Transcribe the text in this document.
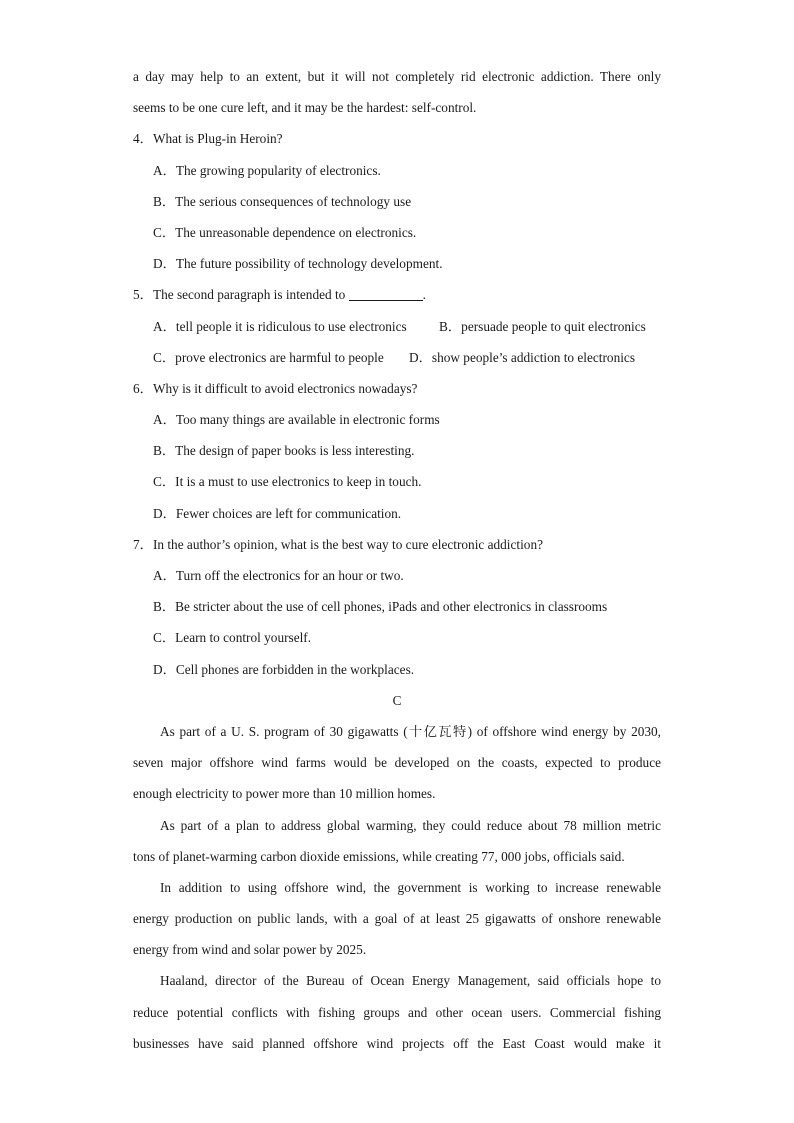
a day may help to an extent, but it will not completely rid electronic addiction. There only
seems to be one cure left, and it may be the hardest: self-control.
4．What is Plug-in Heroin?
A．The growing popularity of electronics.
B．The serious consequences of technology use
C．The unreasonable dependence on electronics.
D．The future possibility of technology development.
5．The second paragraph is intended to	.
A．tell people it is ridiculous to use electronics	B．persuade people to quit electronics
C．prove electronics are harmful to people	D．show people’s addiction to electronics
6．Why is it difficult to avoid electronics nowadays?
A．Too many things are available in electronic forms
B．The design of paper books is less interesting.
C．It is a must to use electronics to keep in touch.
D．Fewer choices are left for communication.
7．In the author’s opinion, what is the best way to cure electronic addiction?
A．Turn off the electronics for an hour or two.
B．Be stricter about the use of cell phones, iPads and other electronics in classrooms
C．Learn to control yourself.
D．Cell phones are forbidden in the workplaces.
C
As part of a U. S. program of 30 gigawatts (十亿瓦特) of offshore wind energy by 2030,
seven major offshore wind farms would be developed on the coasts, expected to produce
enough electricity to power more than 10 million homes.
As part of a plan to address global warming, they could reduce about 78 million metric
tons of planet-warming carbon dioxide emissions, while creating 77, 000 jobs, officials said.
In addition to using offshore wind, the government is working to increase renewable
energy production on public lands, with a goal of at least 25 gigawatts of onshore renewable
energy from wind and solar power by 2025.
Haaland, director of the Bureau of Ocean Energy Management, said officials hope to
reduce potential conflicts with fishing groups and other ocean users. Commercial fishing
businesses have said planned offshore wind projects off the East Coast would make it
